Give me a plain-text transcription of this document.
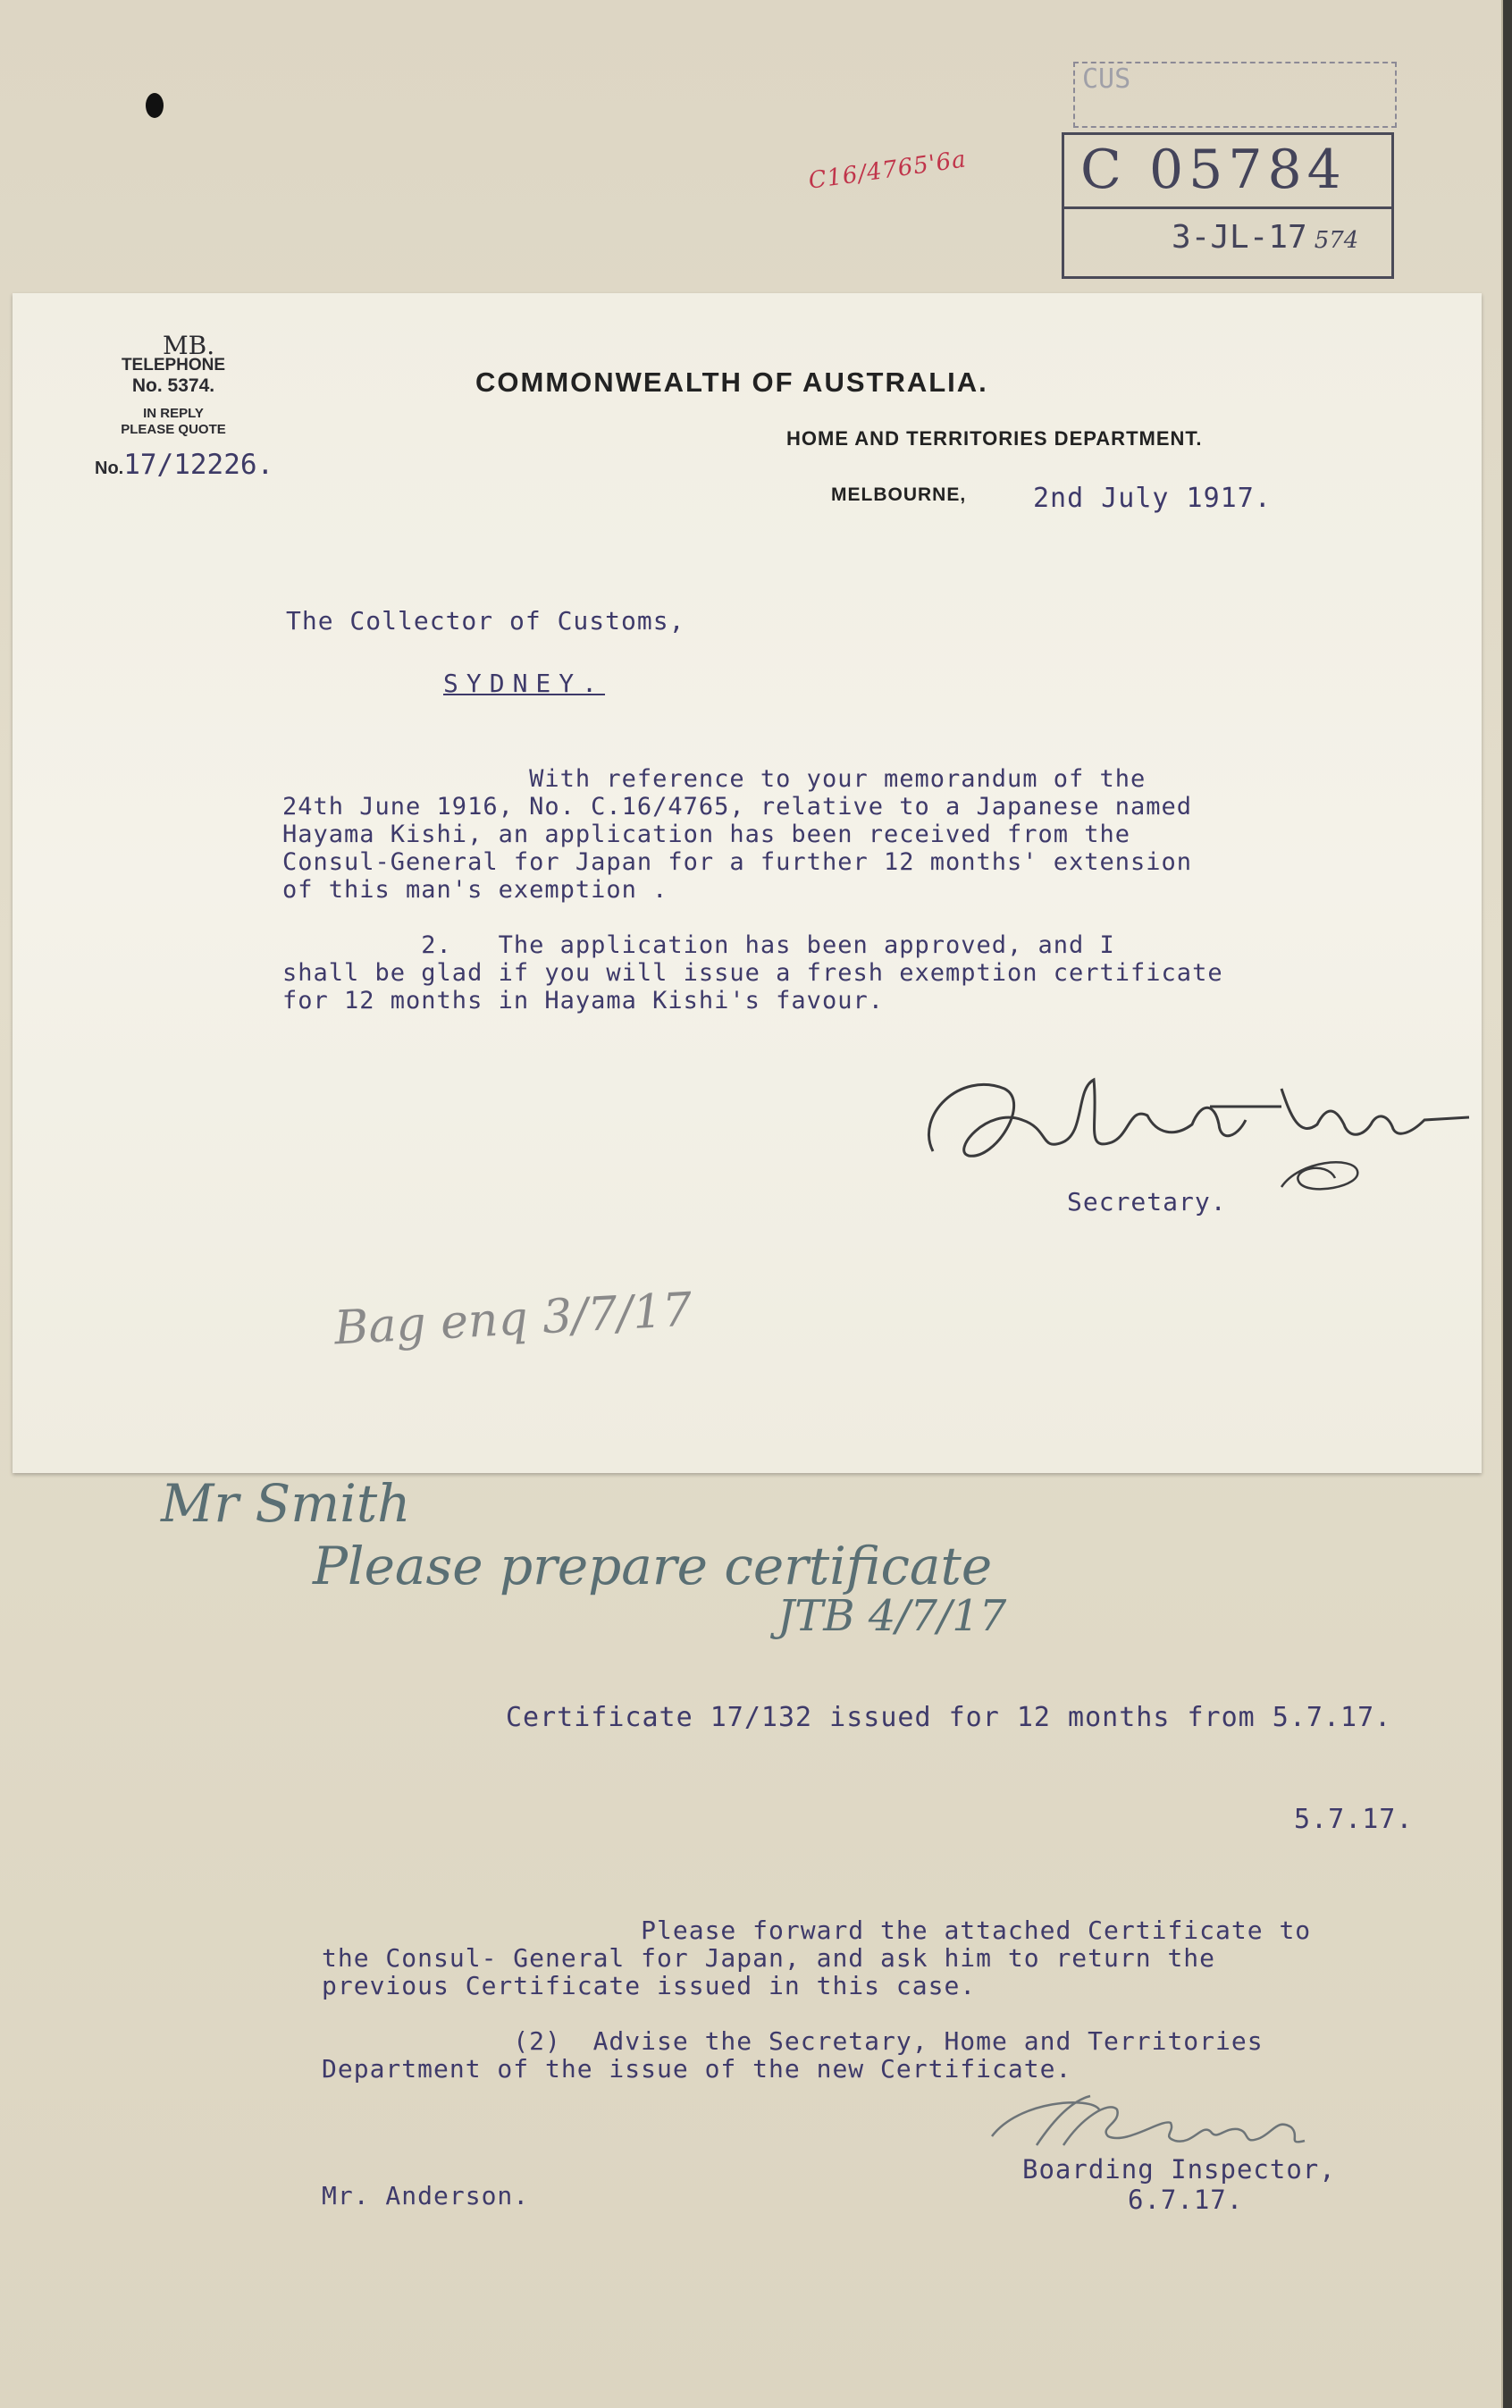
C16/4765'6a
CUS
C 05784
3-JL-17 574
MB.
TELEPHONE
No. 5374.
IN REPLY
PLEASE QUOTE
No.17/12226.
COMMONWEALTH OF AUSTRALIA.
HOME AND TERRITORIES DEPARTMENT.
MELBOURNE, 2nd July 1917.
The Collector of Customs,
SYDNEY.
With reference to your memorandum of the
24th June 1916, No. C.16/4765, relative to a Japanese named
Hayama Kishi, an application has been received from the
Consul-General for Japan for a further 12 months' extension
of this man's exemption .

2.   The application has been approved, and I
shall be glad if you will issue a fresh exemption certificate
for 12 months in Hayama Kishi's favour.
Secretary.
Bag enq 3/7/17
Mr Smith
Please prepare certificate
JTB 4/7/17
Certificate 17/132 issued for 12 months from 5.7.17.
5.7.17.
Please forward the attached Certificate to
the Consul- General for Japan, and ask him to return the
previous Certificate issued in this case.

(2)  Advise the Secretary, Home and Territories
Department of the issue of the new Certificate.
Boarding Inspector,
6.7.17.
Mr. Anderson.
